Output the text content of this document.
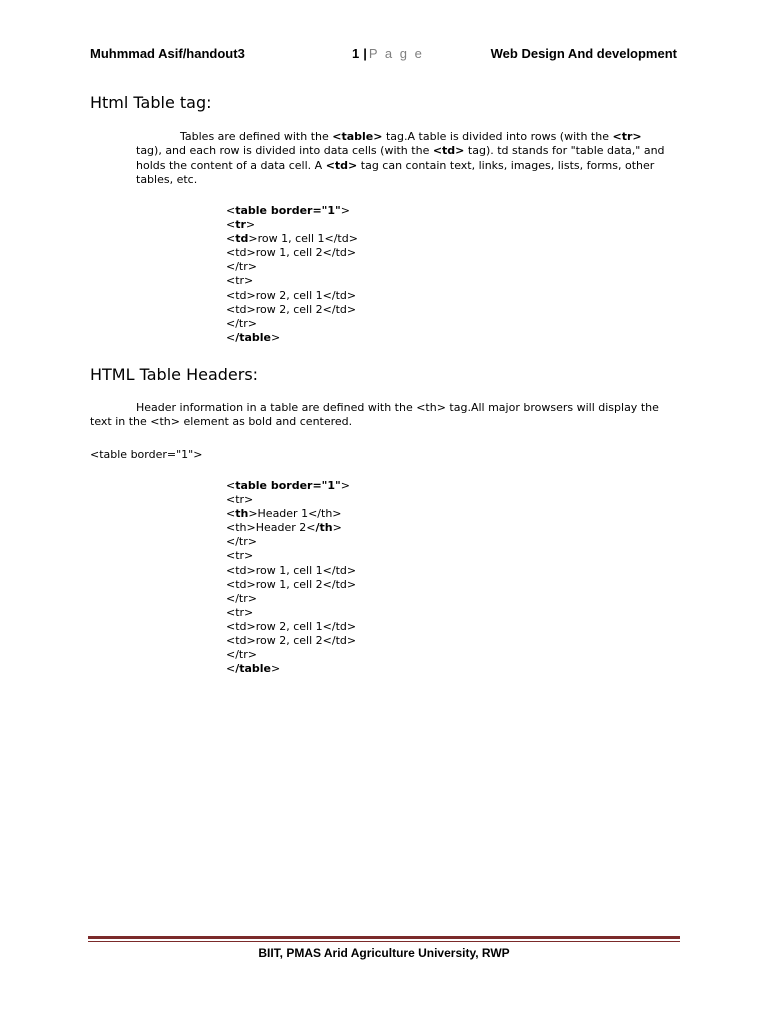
Muhmmad Asif/handout3	1 | P a g e	Web Design And development
Html Table tag:

Tables are defined with the <table> tag.A table is divided into rows (with the <tr> tag), and each row is divided into data cells (with the <td> tag). td stands for "table data," and holds the content of a data cell. A <td> tag can contain text, links, images, lists, forms, other tables, etc.

<table border="1">
<tr>
<td>row 1, cell 1</td>
<td>row 1, cell 2</td>
</tr>
<tr>
<td>row 2, cell 1</td>
<td>row 2, cell 2</td>
</tr>
</table>
HTML Table Headers:

Header information in a table are defined with the <th> tag.All major browsers will display the text in the <th> element as bold and centered.

<table border="1">
<table border="1">
<tr>
<th>Header 1</th>
<th>Header 2</th>
</tr>
<tr>
<td>row 1, cell 1</td>
<td>row 1, cell 2</td>
</tr>
<tr>
<td>row 2, cell 1</td>
<td>row 2, cell 2</td>
</tr>
</table>
BIIT, PMAS Arid Agriculture University, RWP
